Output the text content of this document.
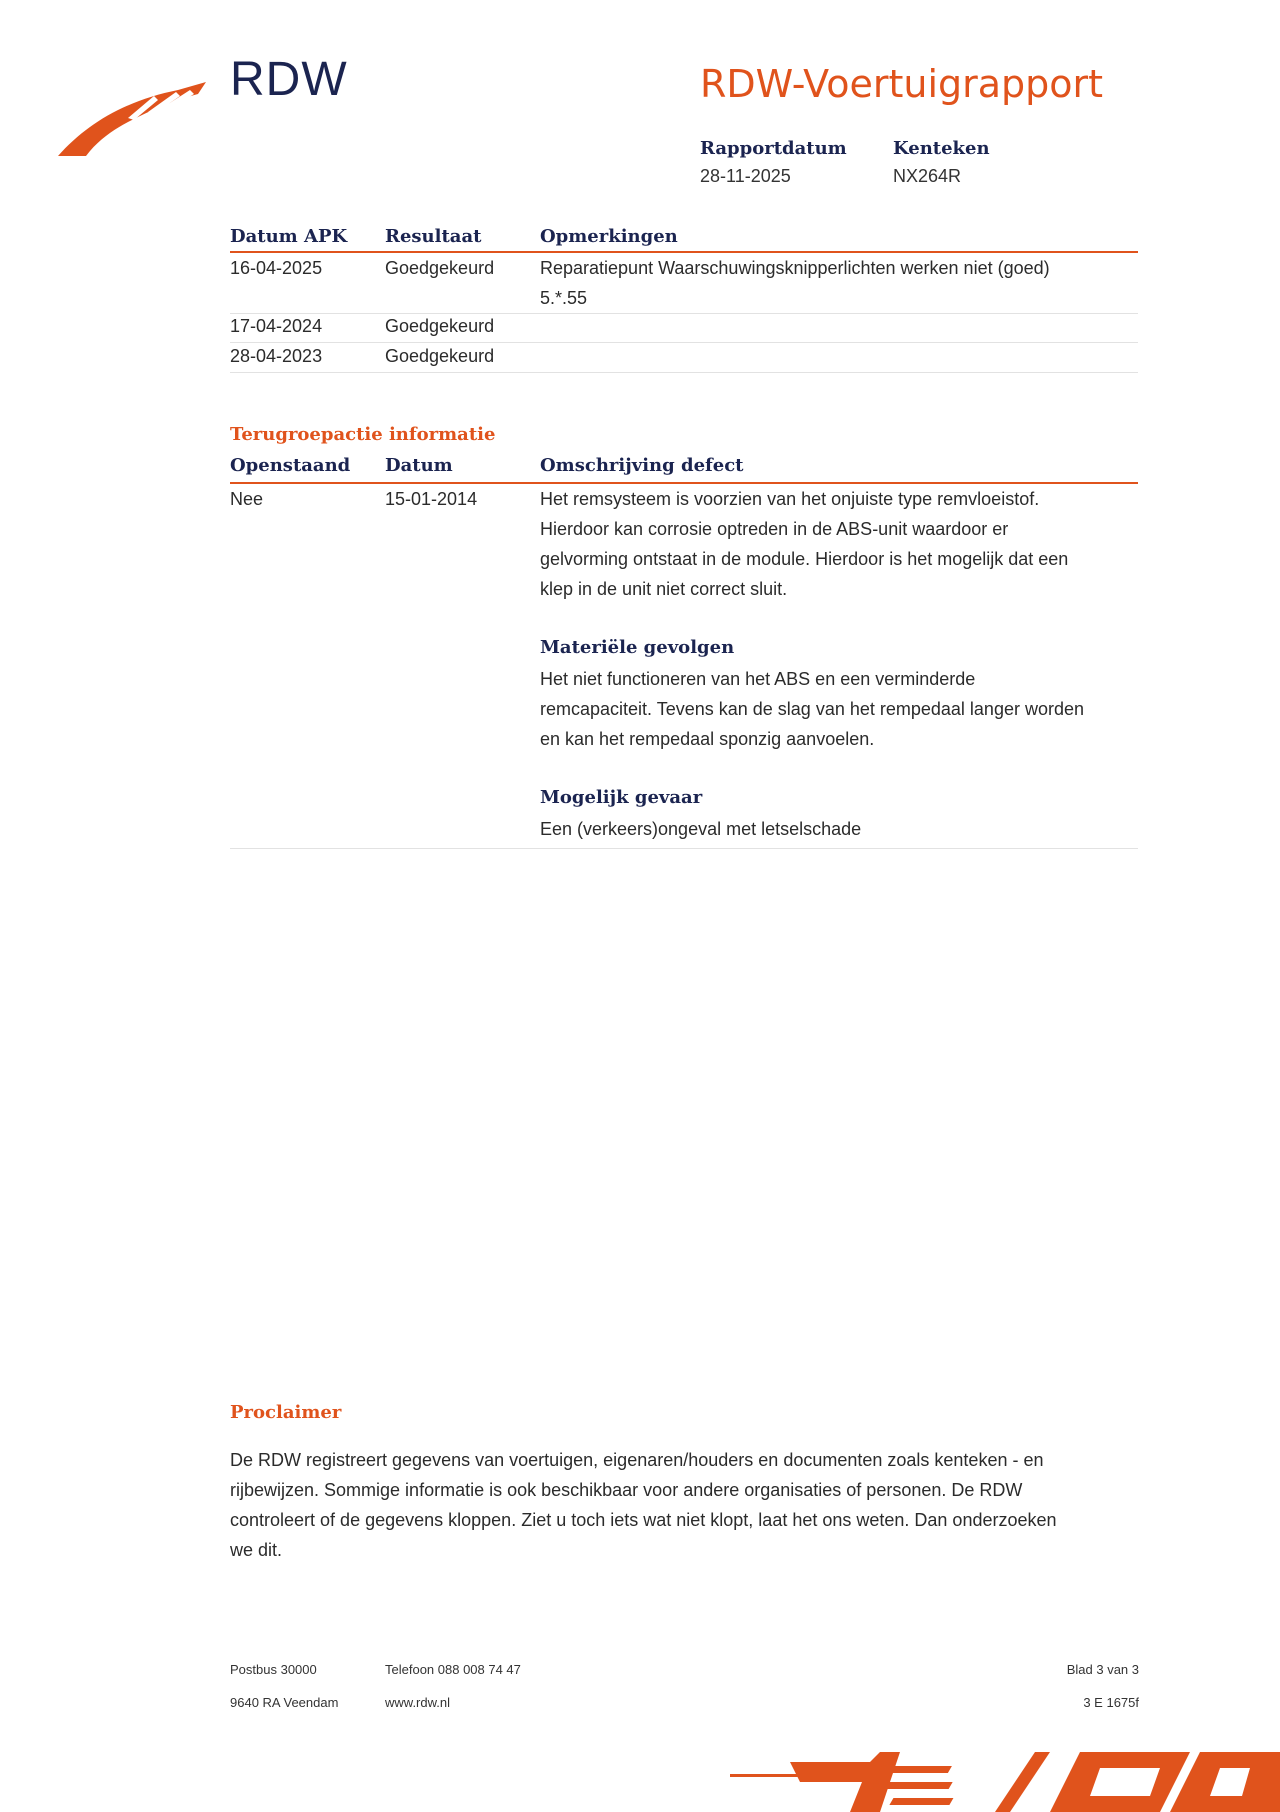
RDW	RDW-Voertuigrapport
Rapportdatum
28-11-2025
Kenteken
NX264R
Datum APK Resultaat	Opmerkingen
16-04-2025	Goedgekeurd	Reparatiepunt Waarschuwingsknipperlichten werken niet (goed)
5.*.55
17-04-2024	Goedgekeurd
28-04-2023	Goedgekeurd
Terugroepactie informatie
Openstaand Datum	Omschrijving defect
Nee	15-01-2014	Het remsysteem is voorzien van het onjuiste type remvloeistof.
Hierdoor kan corrosie optreden in de ABS-unit waardoor er
gelvorming ontstaat in de module. Hierdoor is het mogelijk dat een
klep in de unit niet correct sluit.
Materiële gevolgen
Het niet functioneren van het ABS en een verminderde
remcapaciteit. Tevens kan de slag van het rempedaal langer worden
en kan het rempedaal sponzig aanvoelen.
Mogelijk gevaar
Een (verkeers)ongeval met letselschade
Proclaimer
De RDW registreert gegevens van voertuigen, eigenaren/houders en documenten zoals kenteken - en
rijbewijzen. Sommige informatie is ook beschikbaar voor andere organisaties of personen. De RDW
controleert of de gegevens kloppen. Ziet u toch iets wat niet klopt, laat het ons weten. Dan onderzoeken
we dit.
Postbus 30000
9640 RA Veendam
Telefoon 088 008 74 47
www.rdw.nl
Blad 3 van 3
3 E 1675f
